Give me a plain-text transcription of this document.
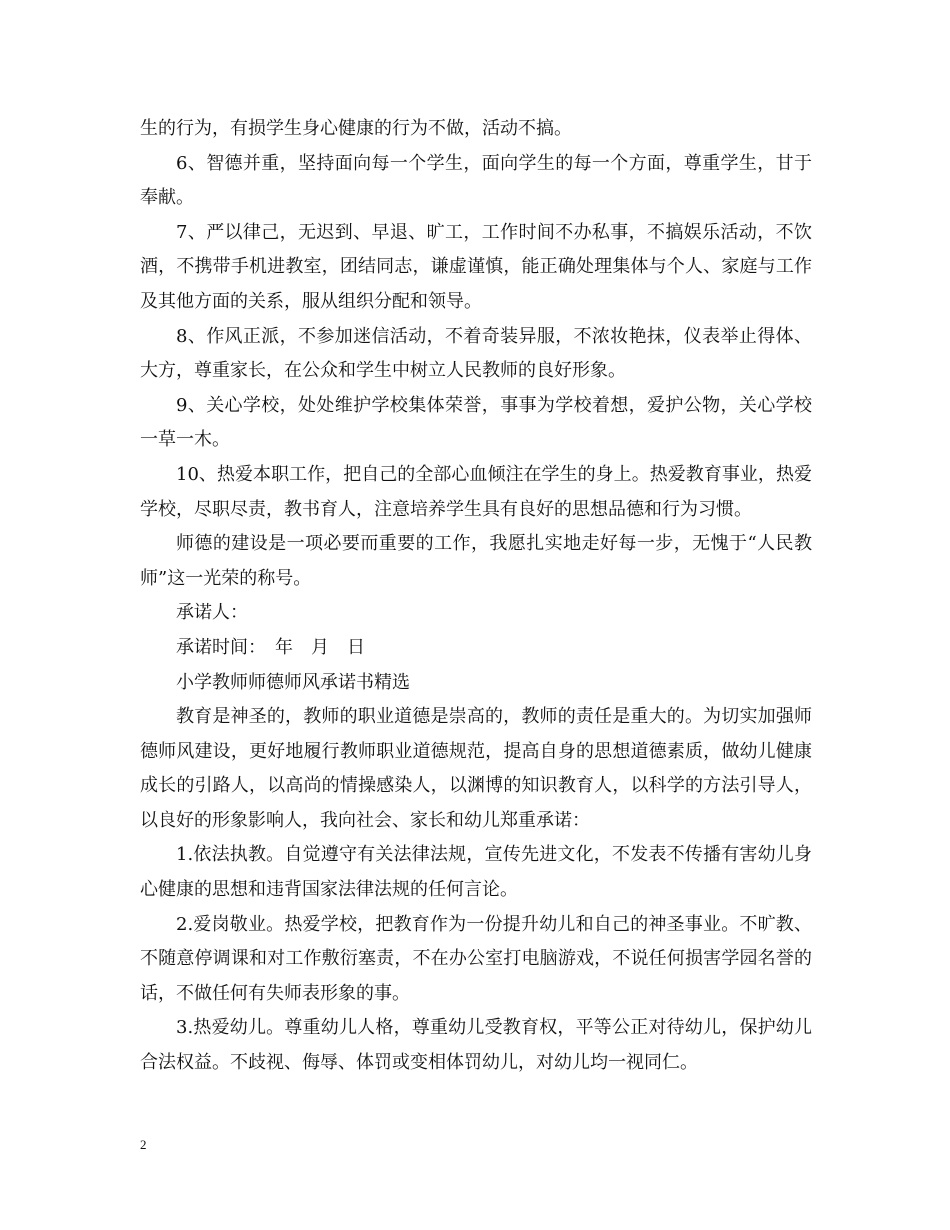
生的行为，有损学生身心健康的行为不做，活动不搞。

6、智德并重，坚持面向每一个学生，面向学生的每一个方面，尊重学生，甘于奉献。

7、严以律己，无迟到、早退、旷工，工作时间不办私事，不搞娱乐活动，不饮酒，不携带手机进教室，团结同志，谦虚谨慎，能正确处理集体与个人、家庭与工作及其他方面的关系，服从组织分配和领导。

8、作风正派，不参加迷信活动，不着奇装异服，不浓妆艳抹，仪表举止得体、大方，尊重家长，在公众和学生中树立人民教师的良好形象。

9、关心学校，处处维护学校集体荣誉，事事为学校着想，爱护公物，关心学校一草一木。

10、热爱本职工作，把自己的全部心血倾注在学生的身上。热爱教育事业，热爱学校，尽职尽责，教书育人，注意培养学生具有良好的思想品德和行为习惯。

师德的建设是一项必要而重要的工作，我愿扎实地走好每一步，无愧于“人民教师”这一光荣的称号。

承诺人：

承诺时间：　年　月　日

小学教师师德师风承诺书精选

教育是神圣的，教师的职业道德是崇高的，教师的责任是重大的。为切实加强师德师风建设，更好地履行教师职业道德规范，提高自身的思想道德素质，做幼儿健康成长的引路人，以高尚的情操感染人，以渊博的知识教育人，以科学的方法引导人，以良好的形象影响人，我向社会、家长和幼儿郑重承诺：

1.依法执教。自觉遵守有关法律法规，宣传先进文化，不发表不传播有害幼儿身心健康的思想和违背国家法律法规的任何言论。

2.爱岗敬业。热爱学校，把教育作为一份提升幼儿和自己的神圣事业。不旷教、不随意停调课和对工作敷衍塞责，不在办公室打电脑游戏，不说任何损害学园名誉的话，不做任何有失师表形象的事。

3.热爱幼儿。尊重幼儿人格，尊重幼儿受教育权，平等公正对待幼儿，保护幼儿合法权益。不歧视、侮辱、体罚或变相体罚幼儿，对幼儿均一视同仁。

2
